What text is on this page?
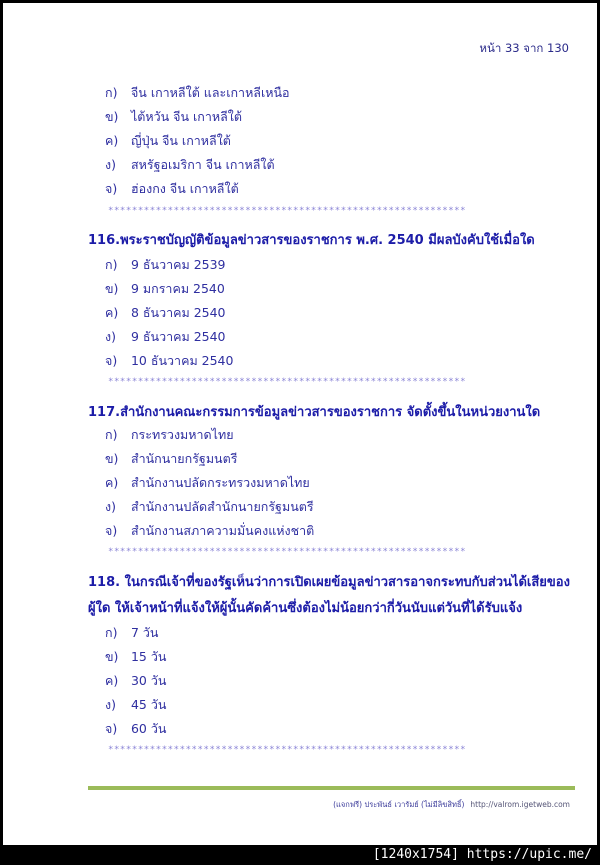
หน้า 33 จาก 130
ก) จีน เกาหลีใต้ และเกาหลีเหนือ
ข) ไต้หวัน จีน เกาหลีใต้
ค) ญี่ปุ่น จีน เกาหลีใต้
ง) สหรัฐอเมริกา จีน เกาหลีใต้
จ) ฮ่องกง จีน เกาหลีใต้
************************************************************
116.พระราชบัญญัติข้อมูลข่าวสารของราชการ พ.ศ. 2540 มีผลบังคับใช้เมื่อใด
ก) 9 ธันวาคม 2539
ข) 9 มกราคม 2540
ค) 8 ธันวาคม 2540
ง) 9 ธันวาคม 2540
จ) 10 ธันวาคม 2540
************************************************************
117.สำนักงานคณะกรรมการข้อมูลข่าวสารของราชการ จัดตั้งขึ้นในหน่วยงานใด
ก) กระทรวงมหาดไทย
ข) สำนักนายกรัฐมนตรี
ค) สำนักงานปลัดกระทรวงมหาดไทย
ง) สำนักงานปลัดสำนักนายกรัฐมนตรี
จ) สำนักงานสภาความมั่นคงแห่งชาติ
************************************************************
118. ในกรณีเจ้าที่ของรัฐเห็นว่าการเปิดเผยข้อมูลข่าวสารอาจกระทบกับส่วนได้เสียของ
ผู้ใด ให้เจ้าหน้าที่แจ้งให้ผู้นั้นคัดค้านซึ่งต้องไม่น้อยกว่ากี่วันนับแต่วันที่ได้รับแจ้ง
ก) 7 วัน
ข) 15 วัน
ค) 30 วัน
ง) 45 วัน
จ) 60 วัน
************************************************************
(แจกฟรี) ประพันธ์ เวารัมย์ (ไม่มีลิขสิทธิ์) http://valrom.igetweb.com
[1240x1754] https://upic.me/
